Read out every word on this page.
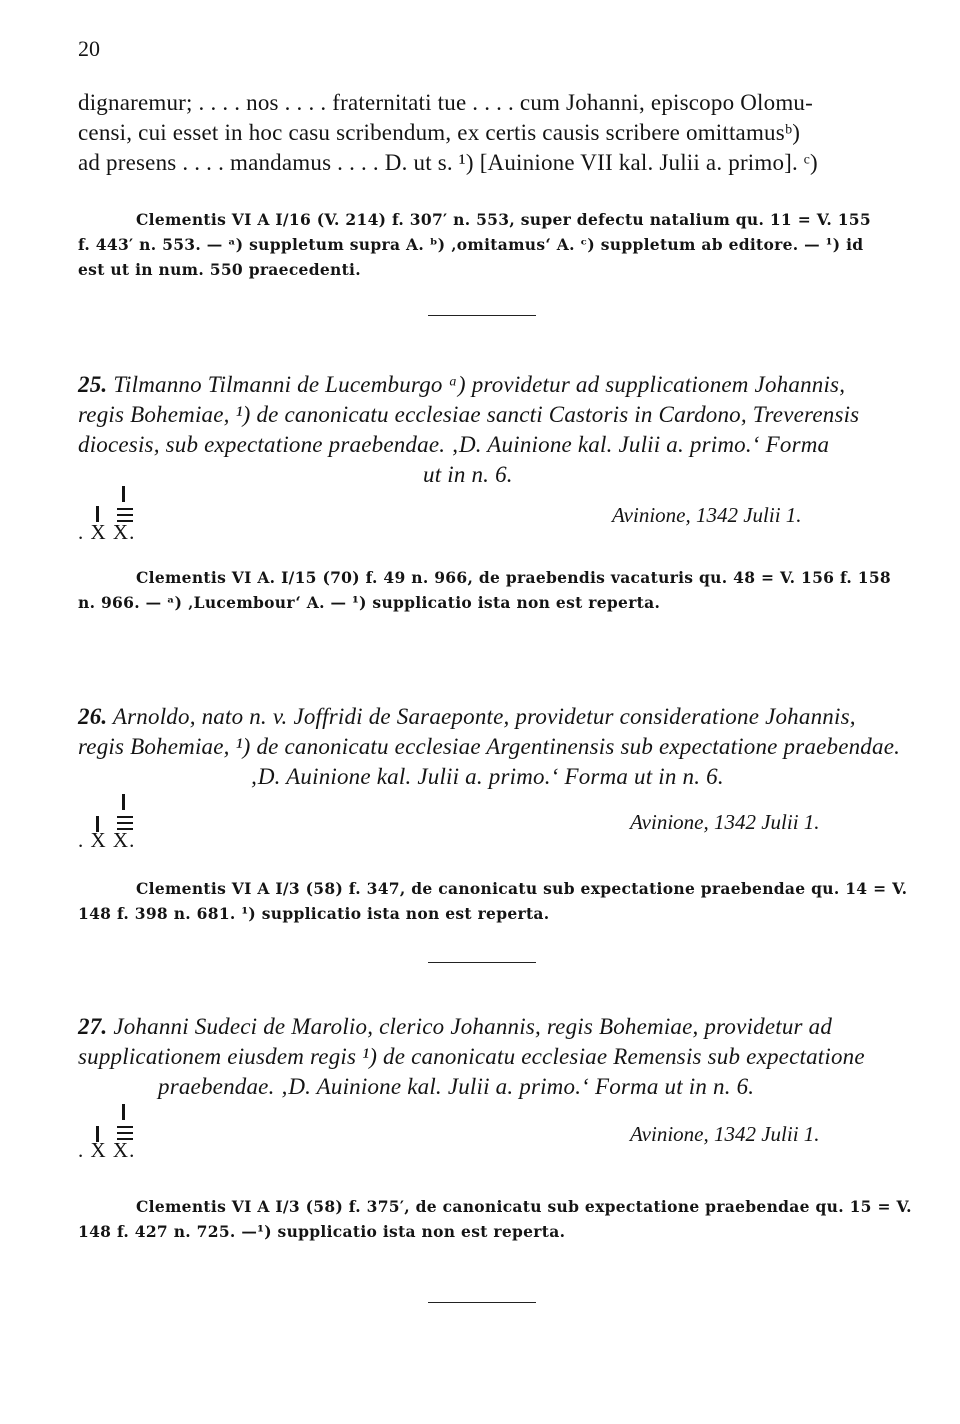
20
dignaremur; . . . . nos . . . . fraternitati tue . . . . cum Johanni, episcopo Olomu-
censi, cui esset in hoc casu scribendum, ex certis causis scribere omittamusᵇ)
ad presens . . . . mandamus . . . . D. ut s. ¹) [Auinione VII kal. Julii a. primo]. ᶜ)
Clementis VI A I/16 (V. 214) f. 307′ n. 553, super defectu natalium qu. 11 = V. 155
f. 443′ n. 553. — ᵃ) suppletum supra A. ᵇ) ‚omitamus‘ A. ᶜ) suppletum ab editore. — ¹) id
est ut in num. 550 praecedenti.
25. Tilmanno Tilmanni de Lucemburgo ᵃ) providetur ad supplicationem Johannis,
regis Bohemiae, ¹) de canonicatu ecclesiae sancti Castoris in Cardono, Treverensis
diocesis, sub expectatione praebendae. ‚D. Auinione kal. Julii a. primo.‘ Forma
ut in n. 6.
. X X.
Avinione, 1342 Julii 1.
Clementis VI A. I/15 (70) f. 49 n. 966, de praebendis vacaturis qu. 48 = V. 156 f. 158
n. 966. — ᵃ) ‚Lucembour‘ A. — ¹) supplicatio ista non est reperta.
26. Arnoldo, nato n. v. Joffridi de Saraeponte, providetur consideratione Johannis,
regis Bohemiae, ¹) de canonicatu ecclesiae Argentinensis sub expectatione praebendae.
‚D. Auinione kal. Julii a. primo.‘ Forma ut in n. 6.
. X X.
Avinione, 1342 Julii 1.
Clementis VI A I/3 (58) f. 347, de canonicatu sub expectatione praebendae qu. 14 = V.
148 f. 398 n. 681. ¹) supplicatio ista non est reperta.
27. Johanni Sudeci de Marolio, clerico Johannis, regis Bohemiae, providetur ad
supplicationem eiusdem regis ¹) de canonicatu ecclesiae Remensis sub expectatione
praebendae. ‚D. Auinione kal. Julii a. primo.‘ Forma ut in n. 6.
. X X.
Avinione, 1342 Julii 1.
Clementis VI A I/3 (58) f. 375′, de canonicatu sub expectatione praebendae qu. 15 = V.
148 f. 427 n. 725. —¹) supplicatio ista non est reperta.
